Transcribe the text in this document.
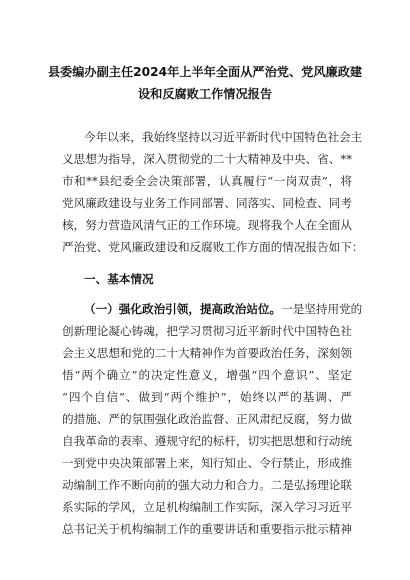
县委编办副主任2024年上半年全面从严治党、党风廉政建
设和反腐败工作情况报告
今年以来，我始终坚持以习近平新时代中国特色社会主
义思想为指导，深入贯彻党的二十大精神及中央、省、**
市和**县纪委全会决策部署，认真履行“一岗双责”，将
党风廉政建设与业务工作同部署、同落实、同检查、同考
核，努力营造风清气正的工作环境。现将我个人在全面从
严治党、党风廉政建设和反腐败工作方面的情况报告如下：
一、基本情况
（一）强化政治引领，提高政治站位。一是坚持用党的
创新理论凝心铸魂，把学习贯彻习近平新时代中国特色社
会主义思想和党的二十大精神作为首要政治任务，深刻领
悟“两个确立”的决定性意义，增强“四个意识”、坚定
“四个自信”、做到“两个维护”，始终以严的基调、严
的措施、严的氛围强化政治监督、正风肃纪反腐，努力做
自我革命的表率、遵规守纪的标杆，切实把思想和行动统
一到党中央决策部署上来，知行知止、令行禁止，形成推
动编制工作不断向前的强大动力和合力。二是弘扬理论联
系实际的学风，立足机构编制工作实际，深入学习习近平
总书记关于机构编制工作的重要讲话和重要指示批示精神
